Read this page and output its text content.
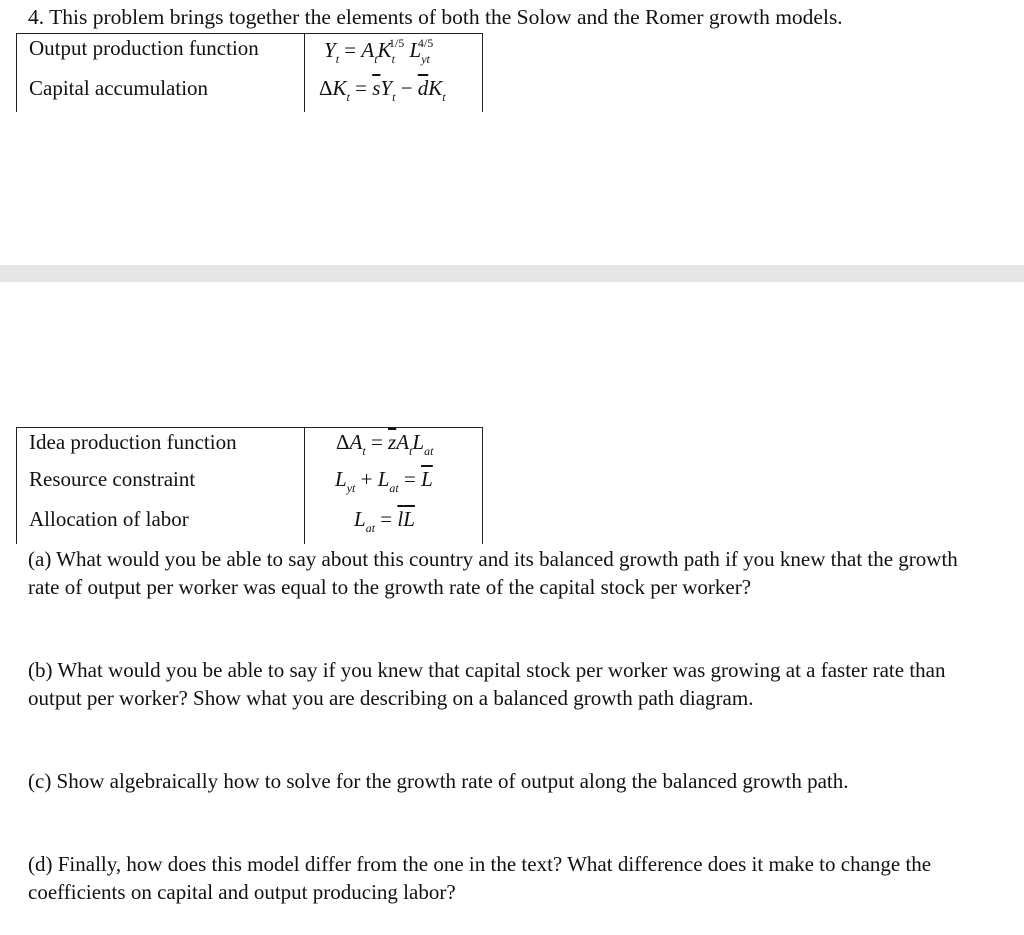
4. This problem brings together the elements of both the Solow and the Romer growth models.
Output production function	$Y_t = A_tK_t^{1/5}$ $L_{yt}^{4/5}$
Capital accumulation	$\Delta K_t = \overline{s}Y_t - \overline{d}K_t$
Idea production function	$\Delta A_t = \overline{z}A_tL_{at}$
Resource constraint	$L_{yt} + L_{at} = \overline{L}$
Allocation of labor	$L_{at} = \overline{l}\overline{L}$
(a) What would you be able to say about this country and its balanced growth path if you knew that the growth rate of output per worker was equal to the growth rate of the capital stock per worker?
(b) What would you be able to say if you knew that capital stock per worker was growing at a faster rate than output per worker? Show what you are describing on a balanced growth path diagram.
(c) Show algebraically how to solve for the growth rate of output along the balanced growth path.
(d) Finally, how does this model differ from the one in the text? What difference does it make to change the coefficients on capital and output producing labor?
